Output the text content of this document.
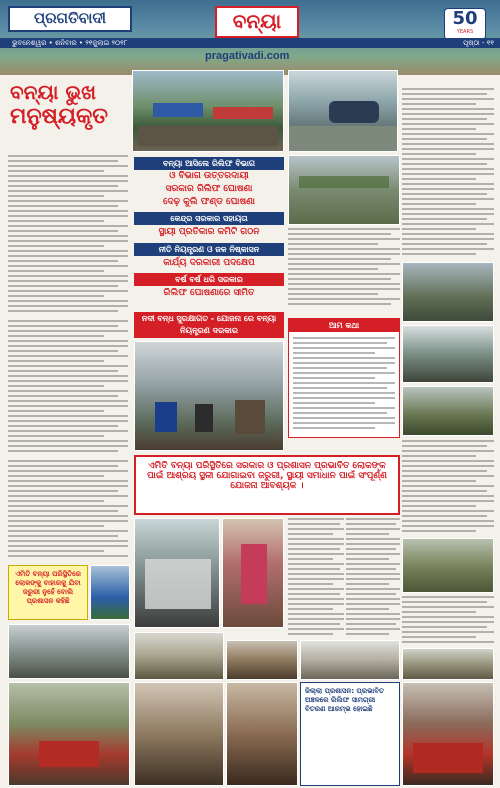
ପ୍ରଗତିବାଦୀ	ବନ୍ୟା	50
YEARS
ଭୁବନେଶ୍ୱର • ଶନିବାର • ୨୧ଜୁଲାଇ ୨୦୧୮	ପୃଷ୍ଠା - ୧୧
pragativadi.com
ବନ୍ୟା ଭୁଖ
ମନୁଷ୍ୟକୃତ
ବନ୍ୟା ଆସିଲେ ରିଲିଫ ବିଭାଗ
ଓ ବିଭାଗ ଉତ୍ତରଦାୟୀ
ସରକାର ରିଲିଫ ଘୋଷଣା
ଦେଢ଼ କୁଲି ଫଣ୍ଡ ଘୋଷଣା
କେନ୍ଦ୍ର ସରକାର ସହାୟତା
ସ୍ଥାୟୀ ପ୍ରତିକାର କମିଟି ଗଠନ
ନୀତି ନିୟନ୍ତ୍ରଣ ଓ ଜଳ ନିଷ୍କାସନ
କାର୍ଯ୍ୟ ଦରକାରୀ ପଦକ୍ଷେପ
ବର୍ଷ ବର୍ଷ ଧରି ସରକାର
ରିଲିଫ ଘୋଷଣାରେ ସୀମିତ
ନଦୀ ବନ୍ଧ ସୁରକ୍ଷାଗତ - ଯୋଜନା ରେ ବନ୍ୟା ନିୟନ୍ତ୍ରଣ ଦରକାର
ଆମ କଥା
ଏମିତି ବନ୍ୟା ପରିସ୍ଥିତିରେ ସରକାର ଓ ପ୍ରଶାସନ ପ୍ରଭାବିତ ଲୋକଙ୍କ ପାଇଁ ଆଶ୍ରୟ ସ୍ଥଳୀ ଯୋଗାଇବା ଜରୁରୀ, ସ୍ଥାୟୀ ସମାଧାନ ପାଇଁ ସଂପୂର୍ଣ୍ଣ ଯୋଜନା ଆବଶ୍ୟକ ।
ଏମିତି ବନ୍ୟା ପରିସ୍ଥିତିରେ ଲୋକଙ୍କୁ ବାହାରକୁ ଯିବା ଜରୁରୀ ନୁହେଁ ବୋଲି ପ୍ରଶାସନ କହିଛି
ଜିଲ୍ଲା ପ୍ରଶାସନ: ପ୍ରଭାବିତ ଅଞ୍ଚଳରେ ରିଲିଫ ସାମଗ୍ରୀ ବିତରଣ ଆରମ୍ଭ ହୋଇଛି
